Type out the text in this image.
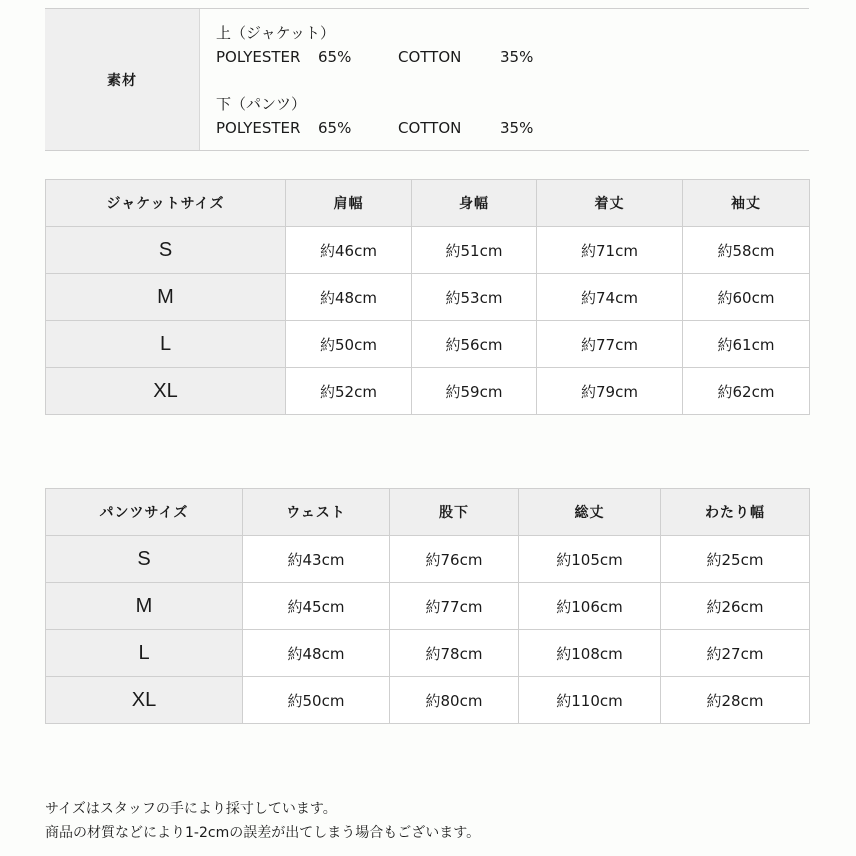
素材
上（ジャケット）
POLYESTER	65%	COTTON	35%
下（パンツ）
POLYESTER	65%	COTTON	35%
ジャケットサイズ	肩幅	身幅	着丈	袖丈
S	約46cm	約51cm	約71cm	約58cm
M	約48cm	約53cm	約74cm	約60cm
L	約50cm	約56cm	約77cm	約61cm
XL	約52cm	約59cm	約79cm	約62cm
パンツサイズ	ウェスト	股下	総丈	わたり幅
S	約43cm	約76cm	約105cm	約25cm
M	約45cm	約77cm	約106cm	約26cm
L	約48cm	約78cm	約108cm	約27cm
XL	約50cm	約80cm	約110cm	約28cm
サイズはスタッフの手により採寸しています。
商品の材質などにより1-2cmの誤差が出てしまう場合もございます。
